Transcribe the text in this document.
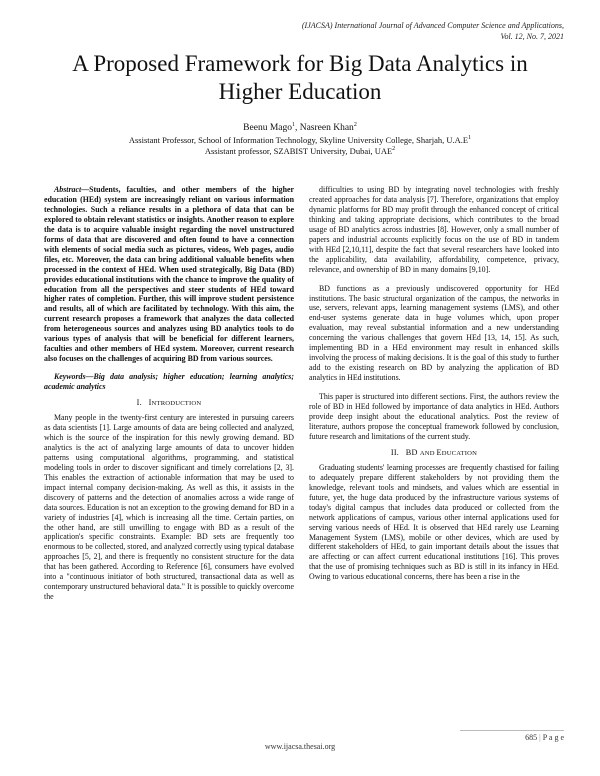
(IJACSA) International Journal of Advanced Computer Science and Applications,
Vol. 12, No. 7, 2021
A Proposed Framework for Big Data Analytics in
Higher Education
Beenu Mago$^1$, Nasreen Khan$^2$
Assistant Professor, School of Information Technology, Skyline University College, Sharjah, $U.A.E^1$
Assistant professor, SZABIST University, Dubai, UAE$^2$

Abstract—Students, faculties, and other members of the higher education (HEd) system are increasingly reliant on various information technologies. Such a reliance results in a plethora of data that can be explored to obtain relevant statistics or insights. Another reason to explore the data is to acquire valuable insight regarding the novel unstructured forms of data that are discovered and often found to have a connection with elements of social media such as pictures, videos, Web pages, audio files, etc. Moreover, the data can bring additional valuable benefits when processed in the context of HEd. When used strategically, Big Data (BD) provides educational institutions with the chance to improve the quality of education from all the perspectives and steer students of HEd toward higher rates of completion. Further, this will improve student persistence and results, all of which are facilitated by technology. With this aim, the current research proposes a framework that analyzes the data collected from heterogeneous sources and analyzes using BD analytics tools to do various types of analysis that will be beneficial for different learners, faculties and other members of HEd system. Moreover, current research also focuses on the challenges of acquiring BD from various sources.

Keywords—Big data analysis; higher education; learning analytics; academic analytics

I. INTRODUCTION

Many people in the twenty-first century are interested in pursuing careers as data scientists [1]. Large amounts of data are being collected and analyzed, which is the source of the inspiration for this newly growing demand. BD analytics is the act of analyzing large amounts of data to uncover hidden patterns using computational algorithms, programming, and statistical modeling tools in order to discover significant and timely correlations [2, 3]. This enables the extraction of actionable information that may be used to impact internal company decision-making. As well as this, it assists in the discovery of patterns and the detection of anomalies across a wide range of data sources. Education is not an exception to the growing demand for BD in a variety of industries [4], which is increasing all the time. Certain parties, on the other hand, are still unwilling to engage with BD as a result of the application's specific constraints. Example: BD sets are frequently too enormous to be collected, stored, and analyzed correctly using typical database approaches [5, 2], and there is frequently no consistent structure for the data that has been gathered. According to Reference [6], consumers have evolved into a "continuous initiator of both structured, transactional data as well as contemporary unstructured behavioral data." It is possible to quickly overcome the

difficulties to using BD by integrating novel technologies with freshly created approaches for data analysis [7]. Therefore, organizations that employ dynamic platforms for BD may profit through the enhanced concept of critical thinking and taking appropriate decisions, which contributes to the broad usage of BD analytics across industries [8]. However, only a small number of papers and industrial accounts explicitly focus on the use of BD in tandem with HEd [2,10,11], despite the fact that several researchers have looked into the applicability, data availability, affordability, competence, privacy, relevance, and ownership of BD in many domains [9,10].

BD functions as a previously undiscovered opportunity for HEd institutions. The basic structural organization of the campus, the networks in use, servers, relevant apps, learning management systems (LMS), and other end-user systems generate data in huge volumes which, upon proper evaluation, may reveal substantial information and a new understanding concerning the various challenges that govern HEd [13, 14, 15]. As such, implementing BD in a HEd environment may result in enhanced skills involving the process of making decisions. It is the goal of this study to further add to the existing research on BD by analyzing the application of BD analytics in HEd institutions.

This paper is structured into different sections. First, the authors review the role of BD in HEd followed by importance of data analytics in HEd. Authors provide deep insight about the educational analytics. Post the review of literature, authors propose the conceptual framework followed by conclusion, future research and limitations of the current study.

II. BD AND EDUCATION

Graduating students' learning processes are frequently chastised for failing to adequately prepare different stakeholders by not providing them the knowledge, relevant tools and mindsets, and values which are essential in future, yet, the huge data produced by the infrastructure various systems of today's digital campus that includes data produced or collected from the network applications of campus, various other internal applications used for serving various needs of HEd. It is observed that HEd rarely use Learning Management System (LMS), mobile or other devices, which are used by different stakeholders of HEd, to gain important details about the issues that are affecting or can affect current educational institutions [16]. This proves that the use of promising techniques such as BD is still in its infancy in HEd. Owing to various educational concerns, there has been a rise in the

685 | P a g e
www.ijacsa.thesai.org
